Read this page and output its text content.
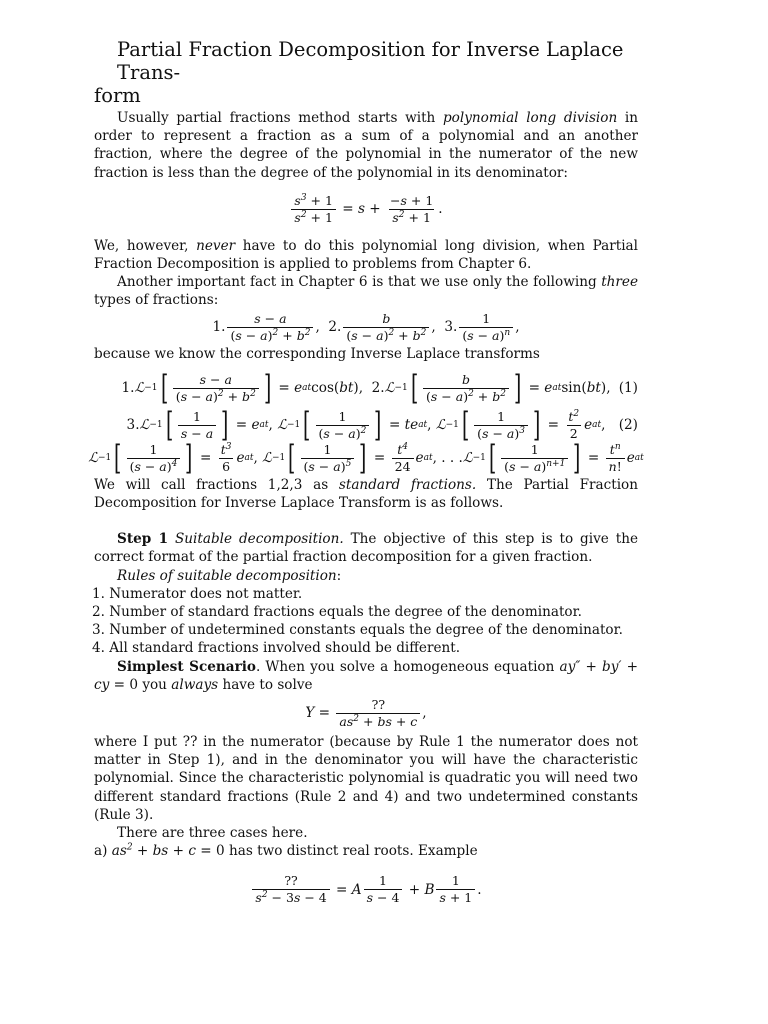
Partial Fraction Decomposition for Inverse Laplace Trans-
form

Usually partial fractions method starts with polynomial long division in order to represent a fraction as a sum of a polynomial and an another fraction, where the degree of the polynomial in the numerator of the new fraction is less than the degree of the polynomial in its denominator:

$\frac{s^3 + 1}{s^2 + 1} = s + \frac{-s + 1}{s^2 + 1}$ .

We, however, never have to do this polynomial long division, when Partial Fraction Decomposition is applied to problems from Chapter 6.

Another important fact in Chapter 6 is that we use only the following three types of fractions:

1. $\frac{s - a}{(s - a)^2 + b^2}$ ,  2. $\frac{b}{(s - a)^2 + b^2}$ ,  3. $\frac{1}{(s - a)^n}$ ,

because we know the corresponding Inverse Laplace transforms

1. ℒ −1 [ $\frac{s - a}{(s - a)^2 + b^2}$ ] = e at cos( bt ),  2. ℒ −1 [ $\frac{b}{(s - a)^2 + b^2}$ ] = e at sin( bt ), (1)
3. ℒ −1 [ $\frac{1}{s - a}$ ] = e at , ℒ −1 [ $\frac{1}{(s - a)^2}$ ] = te at , ℒ −1 [ $\frac{1}{(s - a)^3}$ ] = $\frac{t^2}{2}$ e at , (2)
ℒ −1 [ $\frac{1}{(s - a)^4}$ ] = $\frac{t^3}{6}$ e at , ℒ −1 [ $\frac{1}{(s - a)^5}$ ] = $\frac{t^4}{24}$ e at , . . . ℒ −1 [ $\frac{1}{(s - a)^{n+1}}$ ] = $\frac{t^n}{n!}$ e at

We will call fractions 1,2,3 as standard fractions. The Partial Fraction Decomposition for Inverse Laplace Transform is as follows.

Step 1 Suitable decomposition. The objective of this step is to give the correct format of the partial fraction decomposition for a given fraction.

Rules of suitable decomposition:

1. Numerator does not matter.
2. Number of standard fractions equals the degree of the denominator.
3. Number of undetermined constants equals the degree of the denominator.
4. All standard fractions involved should be different.

Simplest Scenario. When you solve a homogeneous equation ay″ + by′ + cy = 0 you always have to solve

$Y = \frac{??}{as^2 + bs + c}$ ,

where I put ?? in the numerator (because by Rule 1 the numerator does not matter in Step 1), and in the denominator you will have the characteristic polynomial. Since the characteristic polynomial is quadratic you will need two different standard fractions (Rule 2 and 4) and two undetermined constants (Rule 3).

There are three cases here.

a) $as^2$ + bs + c = 0 has two distinct real roots. Example

$\frac{??}{s^2 - 3s - 4} = A \frac{1}{s - 4} + B \frac{1}{s + 1}$ .
